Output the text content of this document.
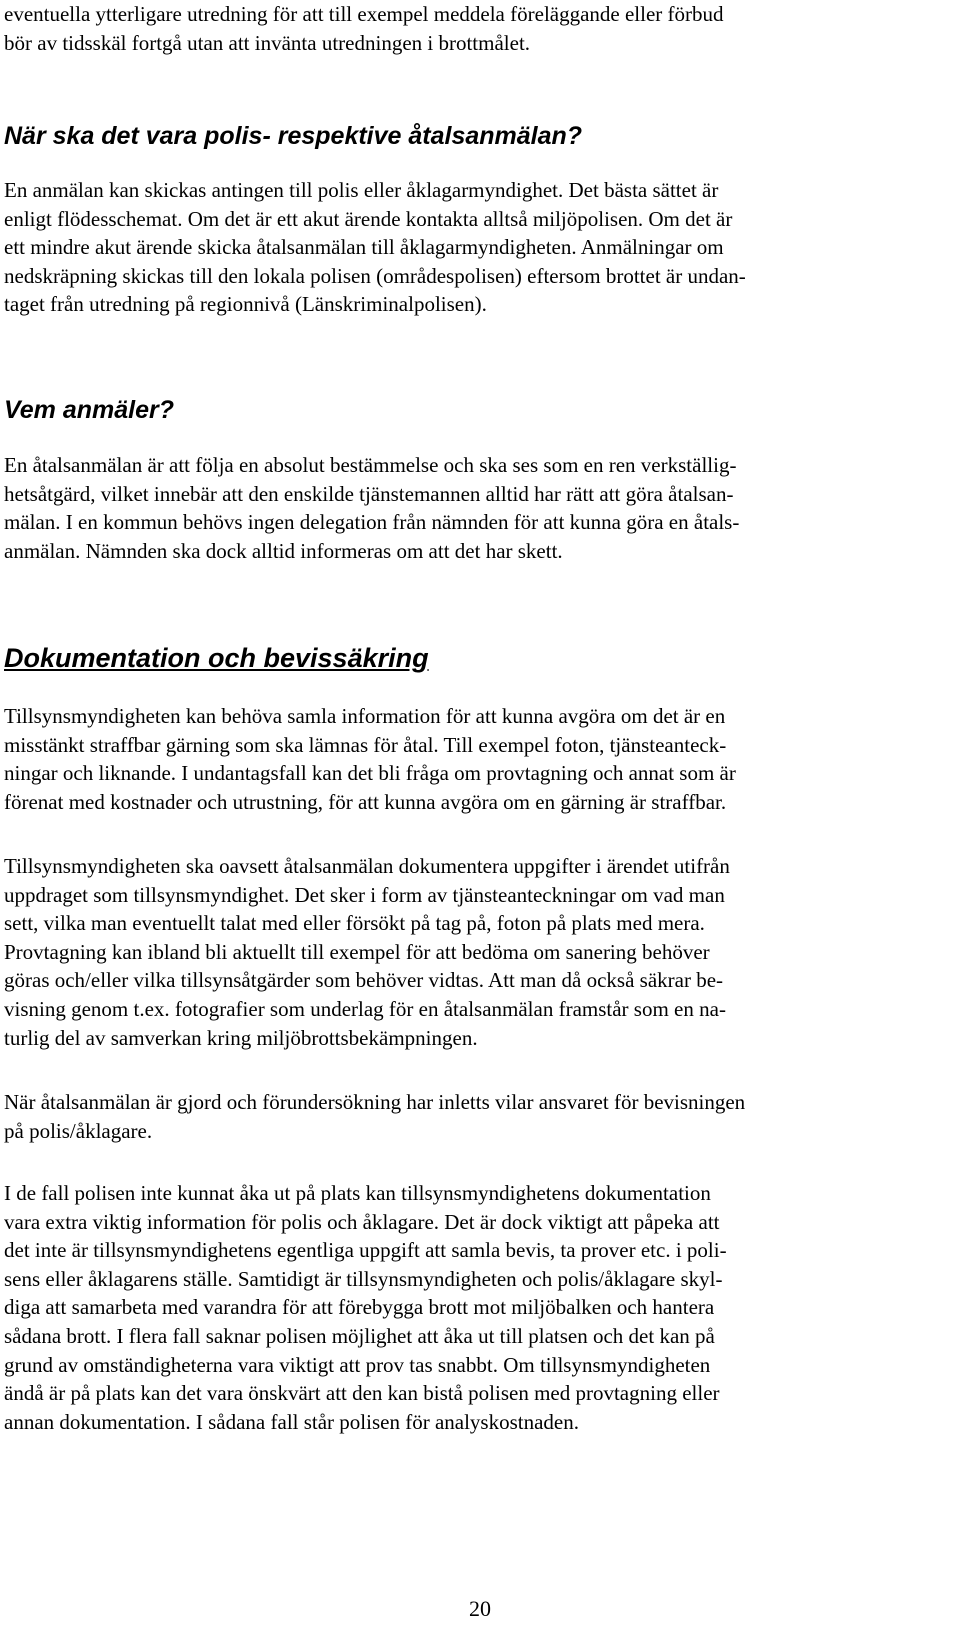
eventuella ytterligare utredning för att till exempel meddela föreläggande eller förbud
bör av tidsskäl fortgå utan att invänta utredningen i brottmålet.

När ska det vara polis- respektive åtalsanmälan?

En anmälan kan skickas antingen till polis eller åklagarmyndighet. Det bästa sättet är
enligt flödesschemat. Om det är ett akut ärende kontakta alltså miljöpolisen. Om det är
ett mindre akut ärende skicka åtalsanmälan till åklagarmyndigheten. Anmälningar om
nedskräpning skickas till den lokala polisen (områdespolisen) eftersom brottet är undan-
taget från utredning på regionnivå (Länskriminalpolisen).

Vem anmäler?

En åtalsanmälan är att följa en absolut bestämmelse och ska ses som en ren verkställig-
hetsåtgärd, vilket innebär att den enskilde tjänstemannen alltid har rätt att göra åtalsan-
mälan. I en kommun behövs ingen delegation från nämnden för att kunna göra en åtals-
anmälan. Nämnden ska dock alltid informeras om att det har skett.

Dokumentation och bevissäkring

Tillsynsmyndigheten kan behöva samla information för att kunna avgöra om det är en
misstänkt straffbar gärning som ska lämnas för åtal. Till exempel foton, tjänsteanteck-
ningar och liknande. I undantagsfall kan det bli fråga om provtagning och annat som är
förenat med kostnader och utrustning, för att kunna avgöra om en gärning är straffbar.

Tillsynsmyndigheten ska oavsett åtalsanmälan dokumentera uppgifter i ärendet utifrån
uppdraget som tillsynsmyndighet. Det sker i form av tjänsteanteckningar om vad man
sett, vilka man eventuellt talat med eller försökt på tag på, foton på plats med mera.
Provtagning kan ibland bli aktuellt till exempel för att bedöma om sanering behöver
göras och/eller vilka tillsynsåtgärder som behöver vidtas. Att man då också säkrar be-
visning genom t.ex. fotografier som underlag för en åtalsanmälan framstår som en na-
turlig del av samverkan kring miljöbrottsbekämpningen.

När åtalsanmälan är gjord och förundersökning har inletts vilar ansvaret för bevisningen
på polis/åklagare.

I de fall polisen inte kunnat åka ut på plats kan tillsynsmyndighetens dokumentation
vara extra viktig information för polis och åklagare. Det är dock viktigt att påpeka att
det inte är tillsynsmyndighetens egentliga uppgift att samla bevis, ta prover etc. i poli-
sens eller åklagarens ställe. Samtidigt är tillsynsmyndigheten och polis/åklagare skyl-
diga att samarbeta med varandra för att förebygga brott mot miljöbalken och hantera
sådana brott. I flera fall saknar polisen möjlighet att åka ut till platsen och det kan på
grund av omständigheterna vara viktigt att prov tas snabbt. Om tillsynsmyndigheten
ändå är på plats kan det vara önskvärt att den kan bistå polisen med provtagning eller
annan dokumentation. I sådana fall står polisen för analyskostnaden.

20
